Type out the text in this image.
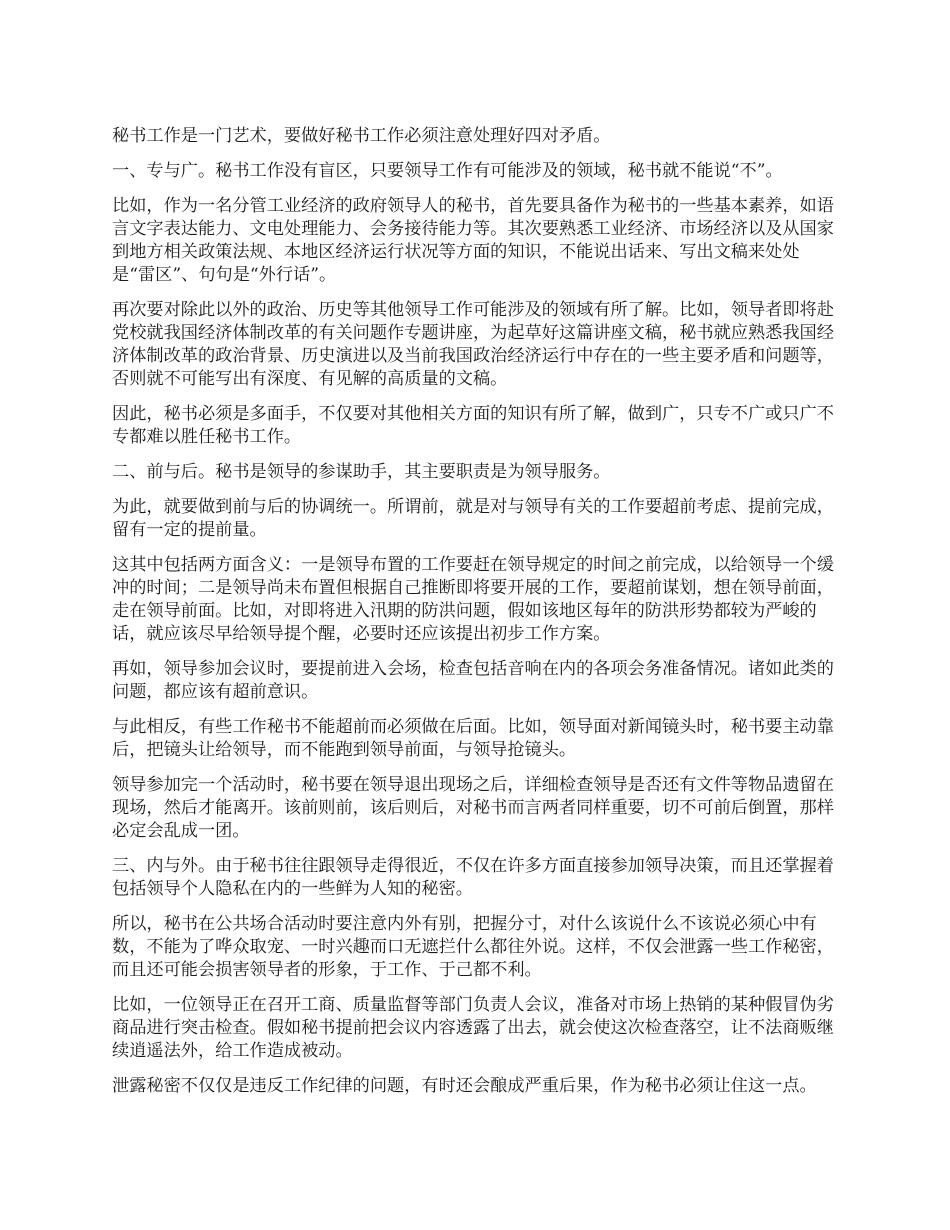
秘书工作是一门艺术，要做好秘书工作必须注意处理好四对矛盾。

一、专与广。秘书工作没有盲区，只要领导工作有可能涉及的领域，秘书就不能说“不”。

比如，作为一名分管工业经济的政府领导人的秘书，首先要具备作为秘书的一些基本素养，如语言文字表达能力、文电处理能力、会务接待能力等。其次要熟悉工业经济、市场经济以及从国家到地方相关政策法规、本地区经济运行状况等方面的知识，不能说出话来、写出文稿来处处是“雷区”、句句是“外行话”。

再次要对除此以外的政治、历史等其他领导工作可能涉及的领域有所了解。比如，领导者即将赴党校就我国经济体制改革的有关问题作专题讲座，为起草好这篇讲座文稿，秘书就应熟悉我国经济体制改革的政治背景、历史演进以及当前我国政治经济运行中存在的一些主要矛盾和问题等，否则就不可能写出有深度、有见解的高质量的文稿。

因此，秘书必须是多面手，不仅要对其他相关方面的知识有所了解，做到广，只专不广或只广不专都难以胜任秘书工作。

二、前与后。秘书是领导的参谋助手，其主要职责是为领导服务。

为此，就要做到前与后的协调统一。所谓前，就是对与领导有关的工作要超前考虑、提前完成，留有一定的提前量。

这其中包括两方面含义：一是领导布置的工作要赶在领导规定的时间之前完成，以给领导一个缓冲的时间；二是领导尚未布置但根据自己推断即将要开展的工作，要超前谋划，想在领导前面，走在领导前面。比如，对即将进入汛期的防洪问题，假如该地区每年的防洪形势都较为严峻的话，就应该尽早给领导提个醒，必要时还应该提出初步工作方案。

再如，领导参加会议时，要提前进入会场，检查包括音响在内的各项会务准备情况。诸如此类的问题，都应该有超前意识。

与此相反，有些工作秘书不能超前而必须做在后面。比如，领导面对新闻镜头时，秘书要主动靠后，把镜头让给领导，而不能跑到领导前面，与领导抢镜头。

领导参加完一个活动时，秘书要在领导退出现场之后，详细检查领导是否还有文件等物品遗留在现场，然后才能离开。该前则前，该后则后，对秘书而言两者同样重要，切不可前后倒置，那样必定会乱成一团。

三、内与外。由于秘书往往跟领导走得很近，不仅在许多方面直接参加领导决策，而且还掌握着包括领导个人隐私在内的一些鲜为人知的秘密。

所以，秘书在公共场合活动时要注意内外有别，把握分寸，对什么该说什么不该说必须心中有数，不能为了哗众取宠、一时兴趣而口无遮拦什么都往外说。这样，不仅会泄露一些工作秘密，而且还可能会损害领导者的形象，于工作、于己都不利。

比如，一位领导正在召开工商、质量监督等部门负责人会议，准备对市场上热销的某种假冒伪劣商品进行突击检查。假如秘书提前把会议内容透露了出去，就会使这次检查落空，让不法商贩继续逍遥法外，给工作造成被动。

泄露秘密不仅仅是违反工作纪律的问题，有时还会酿成严重后果，作为秘书必须让住这一点。
